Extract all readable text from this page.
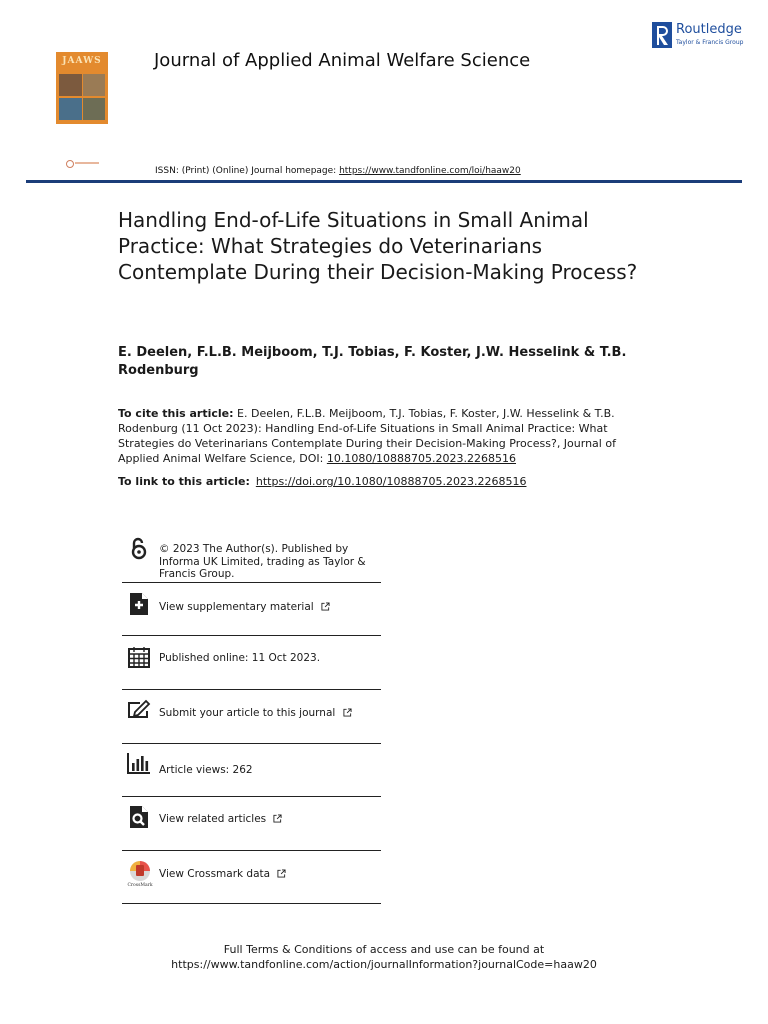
JAAWS	Journal of Applied Animal Welfare Science
Routledge
Taylor & Francis Group
ISSN: (Print) (Online) Journal homepage: https://www.tandfonline.com/loi/haaw20
Handling End-of-Life Situations in Small Animal Practice: What Strategies do Veterinarians Contemplate During their Decision-Making Process?
E. Deelen, F.L.B. Meijboom, T.J. Tobias, F. Koster, J.W. Hesselink & T.B. Rodenburg
To cite this article: E. Deelen, F.L.B. Meijboom, T.J. Tobias, F. Koster, J.W. Hesselink & T.B. Rodenburg (11 Oct 2023): Handling End-of-Life Situations in Small Animal Practice: What Strategies do Veterinarians Contemplate During their Decision-Making Process?, Journal of Applied Animal Welfare Science, DOI: 10.1080/10888705.2023.2268516
To link to this article: https://doi.org/10.1080/10888705.2023.2268516
© 2023 The Author(s). Published by Informa UK Limited, trading as Taylor & Francis Group.
View supplementary material
Published online: 11 Oct 2023.
Submit your article to this journal
Article views: 262
View related articles
CrossMark
View Crossmark data
Full Terms & Conditions of access and use can be found at
https://www.tandfonline.com/action/journalInformation?journalCode=haaw20
